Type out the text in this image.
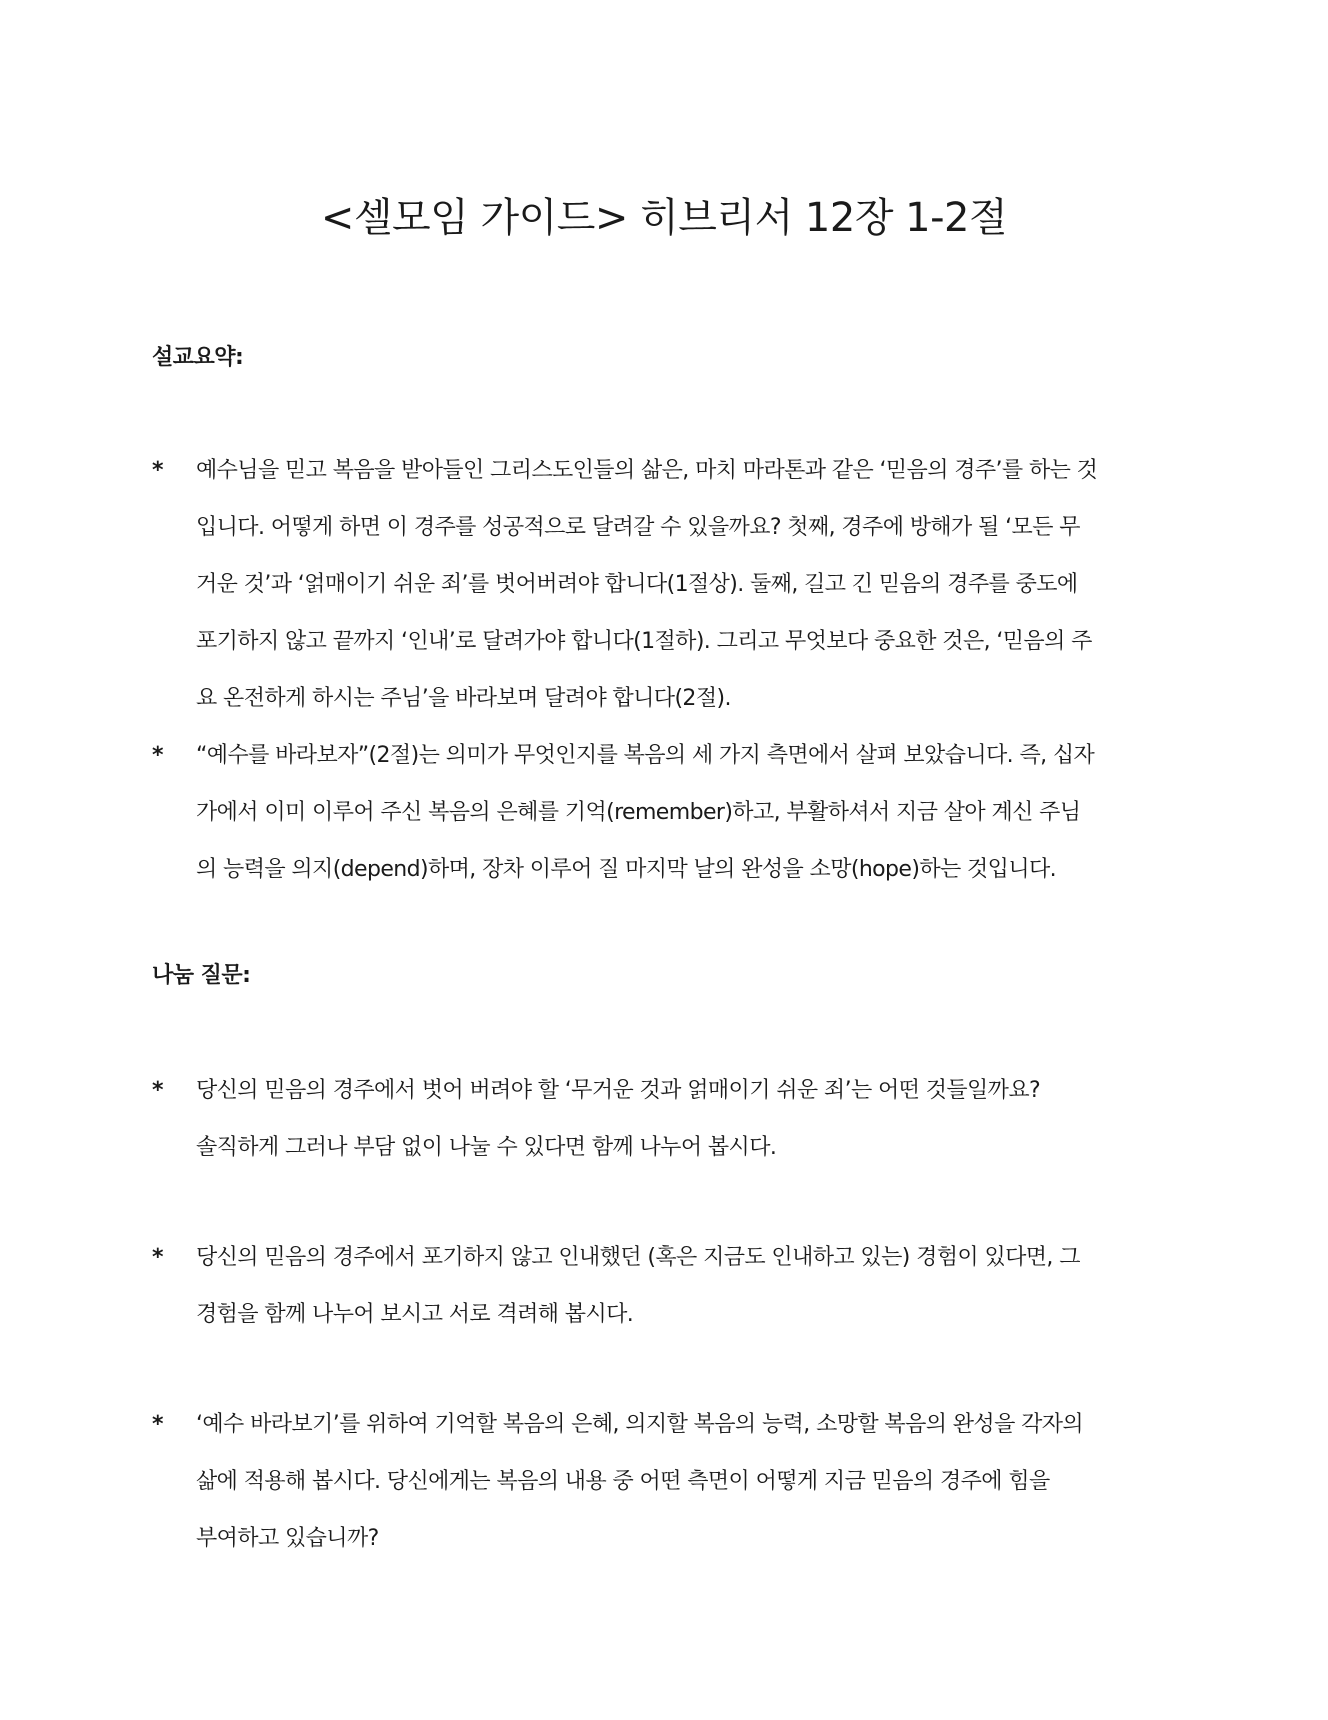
<셀모임 가이드> 히브리서 12장 1-2절
설교요약:
* 예수님을 믿고 복음을 받아들인 그리스도인들의 삶은, 마치 마라톤과 같은 ‘믿음의 경주’를 하는 것
입니다. 어떻게 하면 이 경주를 성공적으로 달려갈 수 있을까요? 첫째, 경주에 방해가 될 ‘모든 무
거운 것’과 ‘얽매이기 쉬운 죄’를 벗어버려야 합니다(1절상). 둘째, 길고 긴 믿음의 경주를 중도에
포기하지 않고 끝까지 ‘인내’로 달려가야 합니다(1절하). 그리고 무엇보다 중요한 것은, ‘믿음의 주
요 온전하게 하시는 주님’을 바라보며 달려야 합니다(2절).
* “예수를 바라보자”(2절)는 의미가 무엇인지를 복음의 세 가지 측면에서 살펴 보았습니다. 즉, 십자
가에서 이미 이루어 주신 복음의 은혜를 기억(remember)하고, 부활하셔서 지금 살아 계신 주님
의 능력을 의지(depend)하며, 장차 이루어 질 마지막 날의 완성을 소망(hope)하는 것입니다.
나눔 질문:
* 당신의 믿음의 경주에서 벗어 버려야 할 ‘무거운 것과 얽매이기 쉬운 죄’는 어떤 것들일까요?
솔직하게 그러나 부담 없이 나눌 수 있다면 함께 나누어 봅시다.
* 당신의 믿음의 경주에서 포기하지 않고 인내했던 (혹은 지금도 인내하고 있는) 경험이 있다면, 그
경험을 함께 나누어 보시고 서로 격려해 봅시다.
* ‘예수 바라보기’를 위하여 기억할 복음의 은혜, 의지할 복음의 능력, 소망할 복음의 완성을 각자의
삶에 적용해 봅시다. 당신에게는 복음의 내용 중 어떤 측면이 어떻게 지금 믿음의 경주에 힘을
부여하고 있습니까?
